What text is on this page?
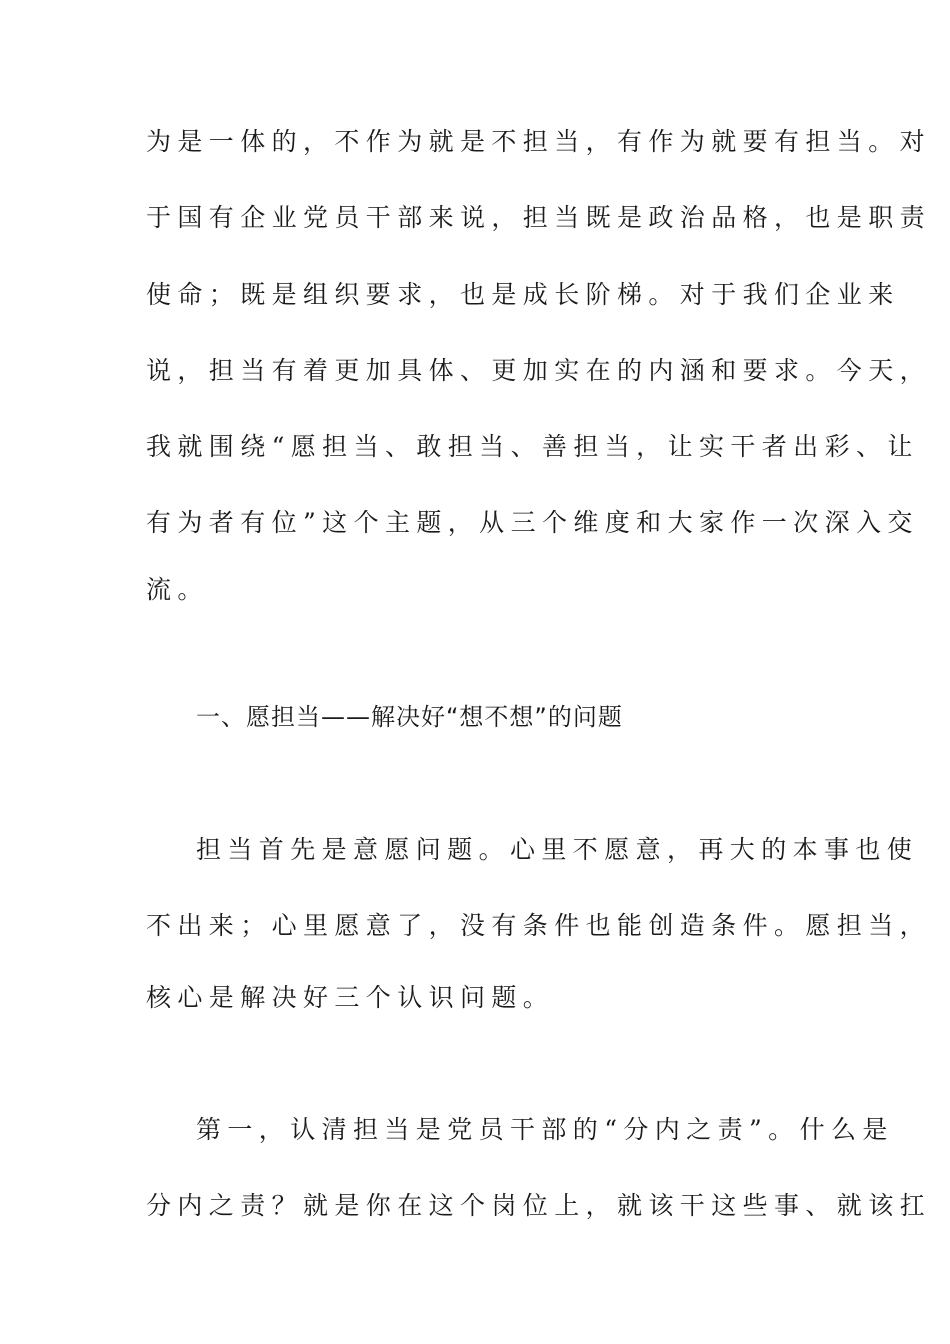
为是一体的，不作为就是不担当，有作为就要有担当。对
于国有企业党员干部来说，担当既是政治品格，也是职责
使命；既是组织要求，也是成长阶梯。对于我们企业来
说，担当有着更加具体、更加实在的内涵和要求。今天，
我就围绕“愿担当、敢担当、善担当，让实干者出彩、让
有为者有位”这个主题，从三个维度和大家作一次深入交
流。
一、愿担当——解决好“想不想”的问题
担当首先是意愿问题。心里不愿意，再大的本事也使
不出来；心里愿意了，没有条件也能创造条件。愿担当，
核心是解决好三个认识问题。
第一，认清担当是党员干部的“分内之责”。什么是
分内之责？就是你在这个岗位上，就该干这些事、就该扛
